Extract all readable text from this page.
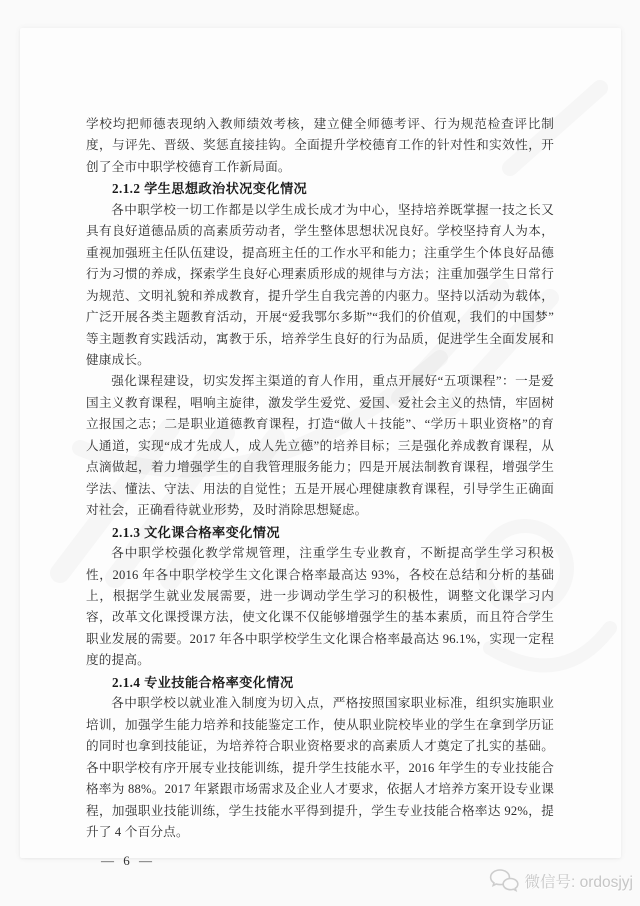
学校均把师德表现纳入教师绩效考核，建立健全师德考评、行为规范检查评比制度，与评先、晋级、奖惩直接挂钩。全面提升学校德育工作的针对性和实效性，开创了全市中职学校德育工作新局面。

2.1.2 学生思想政治状况变化情况

各中职学校一切工作都是以学生成长成才为中心，坚持培养既掌握一技之长又具有良好道德品质的高素质劳动者，学生整体思想状况良好。学校坚持育人为本，重视加强班主任队伍建设，提高班主任的工作水平和能力；注重学生个体良好品德行为习惯的养成，探索学生良好心理素质形成的规律与方法；注重加强学生日常行为规范、文明礼貌和养成教育，提升学生自我完善的内驱力。坚持以活动为载体，广泛开展各类主题教育活动，开展“爱我鄂尔多斯”“我们的价值观，我们的中国梦”等主题教育实践活动，寓教于乐，培养学生良好的行为品质，促进学生全面发展和健康成长。

强化课程建设，切实发挥主渠道的育人作用，重点开展好“五项课程”：一是爱国主义教育课程，唱响主旋律，激发学生爱党、爱国、爱社会主义的热情，牢固树立报国之志；二是职业道德教育课程，打造“做人＋技能”、“学历＋职业资格”的育人通道，实现“成才先成人，成人先立德”的培养目标；三是强化养成教育课程，从点滴做起，着力增强学生的自我管理服务能力；四是开展法制教育课程，增强学生学法、懂法、守法、用法的自觉性；五是开展心理健康教育课程，引导学生正确面对社会，正确看待就业形势，及时消除思想疑虑。

2.1.3 文化课合格率变化情况

各中职学校强化教学常规管理，注重学生专业教育，不断提高学生学习积极性，2016 年各中职学校学生文化课合格率最高达 93%，各校在总结和分析的基础上，根据学生就业发展需要，进一步调动学生学习的积极性，调整文化课学习内容，改革文化课授课方法，使文化课不仅能够增强学生的基本素质，而且符合学生职业发展的需要。2017 年各中职学校学生文化课合格率最高达 96.1%，实现一定程度的提高。

2.1.4 专业技能合格率变化情况

各中职学校以就业准入制度为切入点，严格按照国家职业标准，组织实施职业培训，加强学生能力培养和技能鉴定工作，使从职业院校毕业的学生在拿到学历证的同时也拿到技能证，为培养符合职业资格要求的高素质人才奠定了扎实的基础。各中职学校有序开展专业技能训练，提升学生技能水平，2016 年学生的专业技能合格率为 88%。2017 年紧跟市场需求及企业人才要求，依据人才培养方案开设专业课程，加强职业技能训练，学生技能水平得到提升，学生专业技能合格率达 92%，提升了 4 个百分点。

— 6 —
微信号: ordosjyj
